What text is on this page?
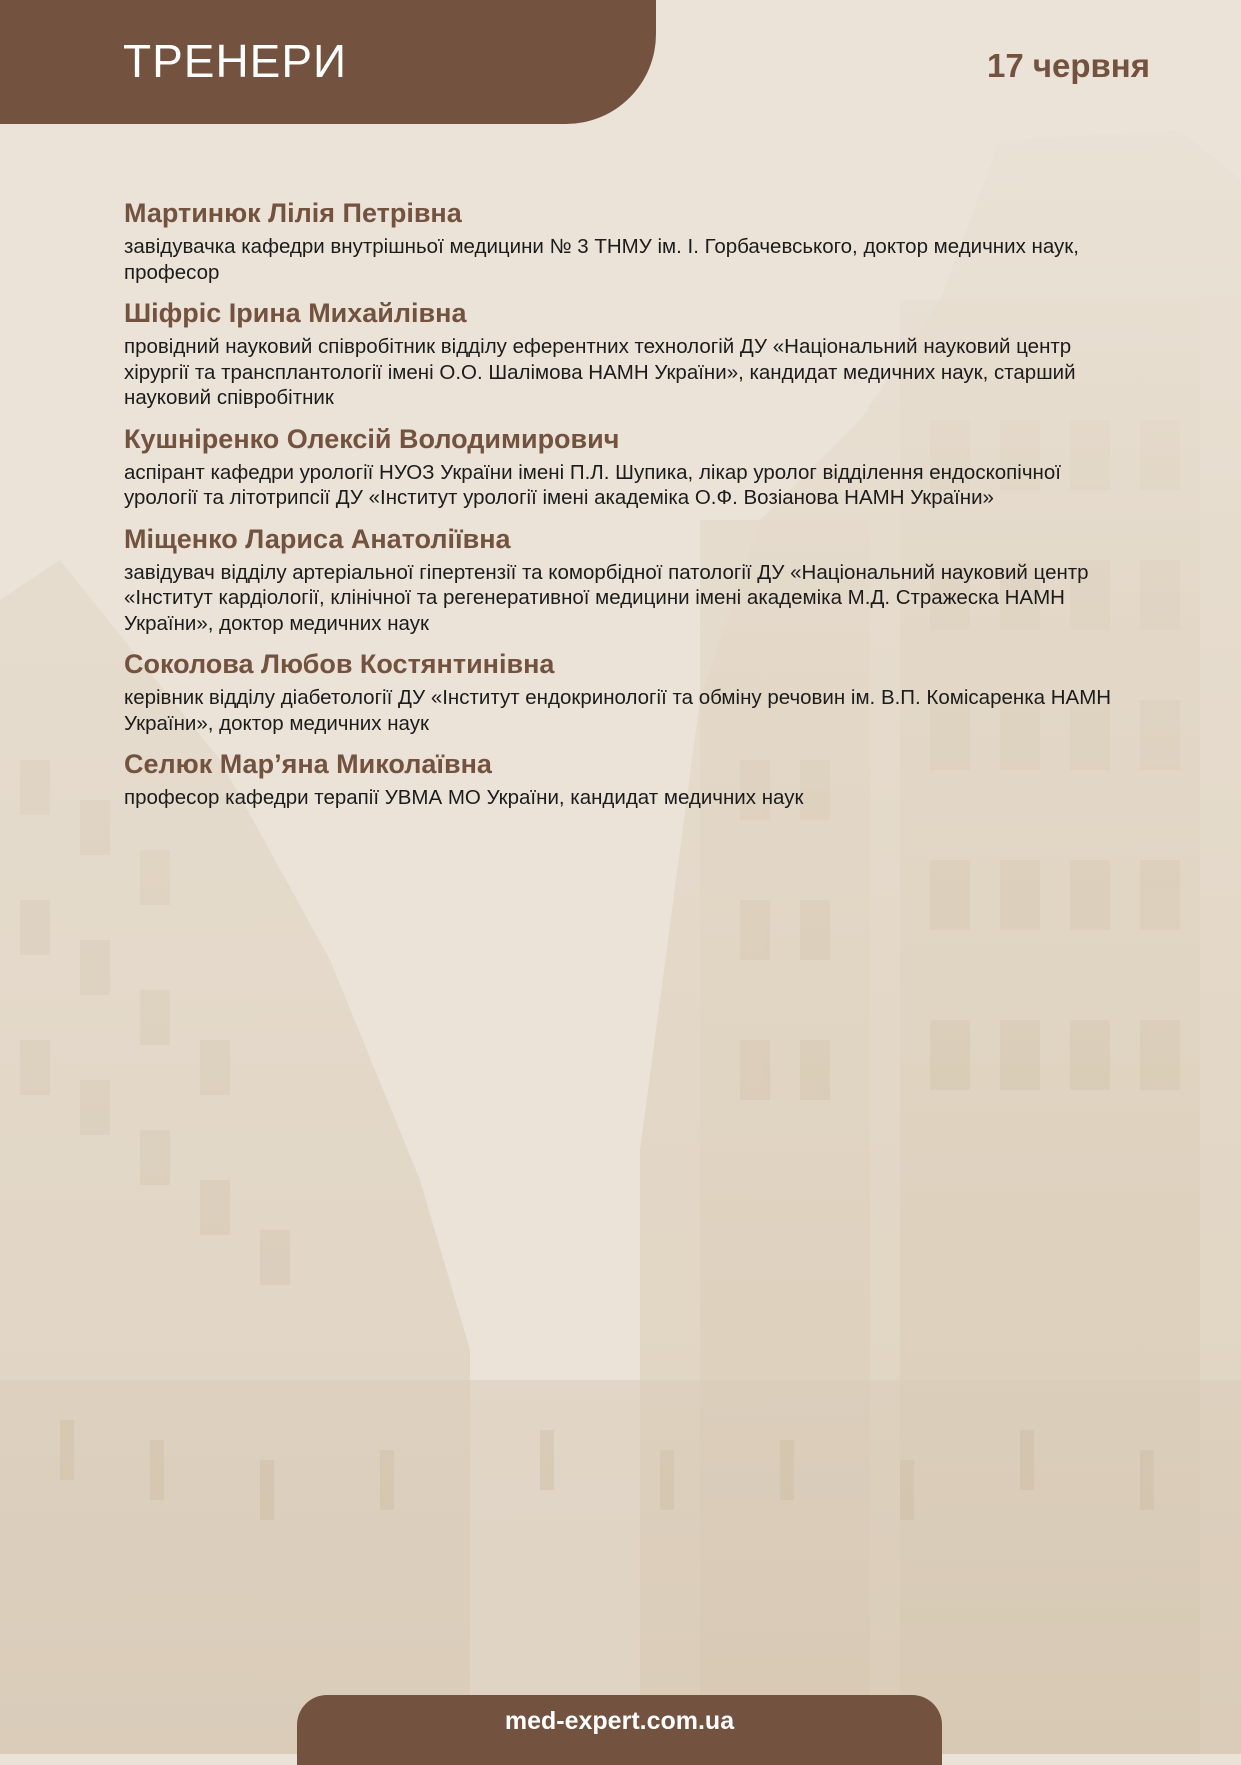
ТРЕНЕРИ	17 червня
Мартинюк Лілія Петрівна

завідувачка кафедри внутрішньої медицини № 3 ТНМУ ім. І. Горбачевського, доктор медичних наук, професор

Шіфріс Ірина Михайлівна

провідний науковий співробітник відділу еферентних технологій ДУ «Національний науковий центр хірургії та трансплантології імені О.О. Шалімова НАМН України», кандидат медичних наук, старший науковий співробітник

Кушніренко Олексій Володимирович

аспірант кафедри урології НУОЗ України імені П.Л. Шупика, лікар уролог відділення ендоскопічної урології та літотрипсії ДУ «Інститут урології імені академіка О.Ф. Возіанова НАМН України»

Міщенко Лариса Анатоліївна

завідувач відділу артеріальної гіпертензії та коморбідної патології ДУ «Національний науковий центр «Інститут кардіології, клінічної та регенеративної медицини імені академіка М.Д. Стражеска НАМН України», доктор медичних наук

Соколова Любов Костянтинівна

керівник відділу діабетології ДУ «Інститут ендокринології та обміну речовин ім. В.П. Комісаренка НАМН України», доктор медичних наук

Селюк Мар’яна Миколаївна

професор кафедри терапії УВМА МО України, кандидат медичних наук

med-expert.com.ua
